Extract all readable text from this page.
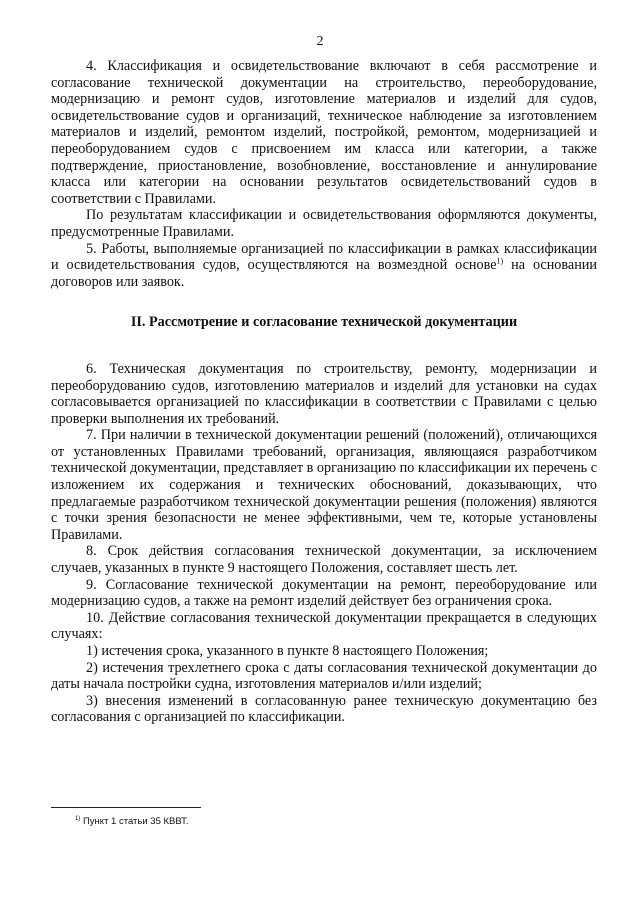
2

4. Классификация и освидетельствование включают в себя рассмотрение и согласование технической документации на строительство, переоборудование, модернизацию и ремонт судов, изготовление материалов и изделий для судов, освидетельствование судов и организаций, техническое наблюдение за изготовлением материалов и изделий, ремонтом изделий, постройкой, ремонтом, модернизацией и переоборудованием судов с присвоением им класса или категории, а также подтверждение, приостановление, возобновление, восстановление и аннулирование класса или категории на основании результатов освидетельствований судов в соответствии с Правилами.

По результатам классификации и освидетельствования оформляются документы, предусмотренные Правилами.

5. Работы, выполняемые организацией по классификации в рамках классификации и освидетельствования судов, осуществляются на возмездной основе$^{1)}$ на основании договоров или заявок.

II. Рассмотрение и согласование технической документации

6. Техническая документация по строительству, ремонту, модернизации и переоборудованию судов, изготовлению материалов и изделий для установки на судах согласовывается организацией по классификации в соответствии с Правилами с целью проверки выполнения их требований.

7. При наличии в технической документации решений (положений), отличающихся от установленных Правилами требований, организация, являющаяся разработчиком технической документации, представляет в организацию по классификации их перечень с изложением их содержания и технических обоснований, доказывающих, что предлагаемые разработчиком технической документации решения (положения) являются с точки зрения безопасности не менее эффективными, чем те, которые установлены Правилами.

8. Срок действия согласования технической документации, за исключением случаев, указанных в пункте 9 настоящего Положения, составляет шесть лет.

9. Согласование технической документации на ремонт, переоборудование или модернизацию судов, а также на ремонт изделий действует без ограничения срока.

10. Действие согласования технической документации прекращается в следующих случаях:

1) истечения срока, указанного в пункте 8 настоящего Положения;

2) истечения трехлетнего срока с даты согласования технической документации до даты начала постройки судна, изготовления материалов и/или изделий;

3) внесения изменений в согласованную ранее техническую документацию без согласования с организацией по классификации.

$^{1)}$ Пункт 1 статьи 35 КВВТ.
